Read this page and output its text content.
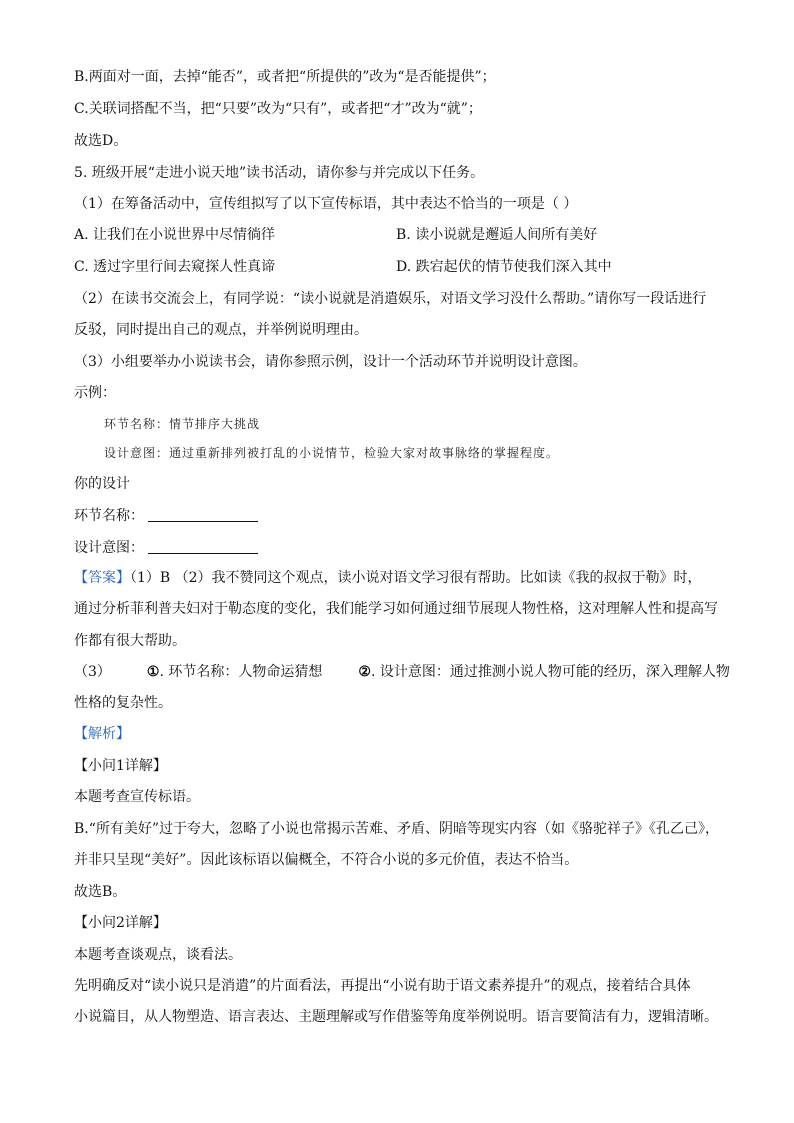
B.两面对一面，去掉“能否”，或者把“所提供的”改为“是否能提供”；
C.关联词搭配不当，把“只要”改为“只有”，或者把“才”改为“就”；
故选D。
5. 班级开展“走进小说天地”读书活动，请你参与并完成以下任务。
（1）在筹备活动中，宣传组拟写了以下宣传标语，其中表达不恰当的一项是（ ）
A. 让我们在小说世界中尽情徜徉	B. 读小说就是邂逅人间所有美好
C. 透过字里行间去窥探人性真谛	D. 跌宕起伏的情节使我们深入其中
（2）在读书交流会上，有同学说：“读小说就是消遣娱乐，对语文学习没什么帮助。”请你写一段话进行
反驳，同时提出自己的观点，并举例说明理由。
（3）小组要举办小说读书会，请你参照示例，设计一个活动环节并说明设计意图。
示例：
环节名称：情节排序大挑战
设计意图：通过重新排列被打乱的小说情节，检验大家对故事脉络的掌握程度。
你的设计
环节名称：
设计意图：
【答案】（1）B （2）我不赞同这个观点，读小说对语文学习很有帮助。比如读《我的叔叔于勒》时，
通过分析菲利普夫妇对于勒态度的变化，我们能学习如何通过细节展现人物性格，这对理解人性和提高写
作都有很大帮助。
（3）	①. 环节名称：人物命运猜想	②. 设计意图：通过推测小说人物可能的经历，深入理解人物
性格的复杂性。
【解析】
【小问1详解】
本题考查宣传标语。
B.“所有美好”过于夸大，忽略了小说也常揭示苦难、矛盾、阴暗等现实内容（如《骆驼祥子》《孔乙己》，
并非只呈现“美好”。因此该标语以偏概全，不符合小说的多元价值，表达不恰当。
故选B。
【小问2详解】
本题考查谈观点，谈看法。
先明确反对“读小说只是消遣”的片面看法，再提出“小说有助于语文素养提升”的观点，接着结合具体
小说篇目，从人物塑造、语言表达、主题理解或写作借鉴等角度举例说明。语言要简洁有力，逻辑清晰。
